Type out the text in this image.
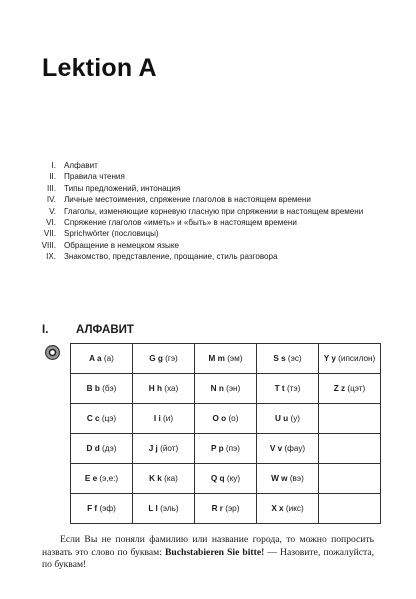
Lektion A
I. Алфавит
II. Правила чтения
III. Типы предложений, интонация
IV. Личные местоимения, спряжение глаголов в настоящем времени
V. Глаголы, изменяющие корневую гласную при спряжении в настоящем времени
VI. Спряжение глаголов «иметь» и «быть» в настоящем времени
VII. Sprichwörter (пословицы)
VIII. Обращение в немецком языке
IX. Знакомство, представление, прощание, стиль разговора
I.	АЛФАВИТ
A a (а)	G g (гэ)	M m (эм)	S s (эс)	Y y (ипсилон)
B b (бэ)	H h (ха)	N n (эн)	T t (тэ)	Z z (цэт)
C c (цэ)	I i (и)	O o (о)	U u (у)	
D d (дэ)	J j (йот)	P p (пэ)	V v (фау)	
E e (э,е:)	K k (ка)	Q q (ку)	W w (вэ)	
F f (эф)	L l (эль)	R r (эр)	X x (икс)	

Если Вы не поняли фамилию или название города, то можно попросить назвать это слово по буквам: Buchstabieren Sie bitte! — Назовите, пожалуйста, по буквам!
